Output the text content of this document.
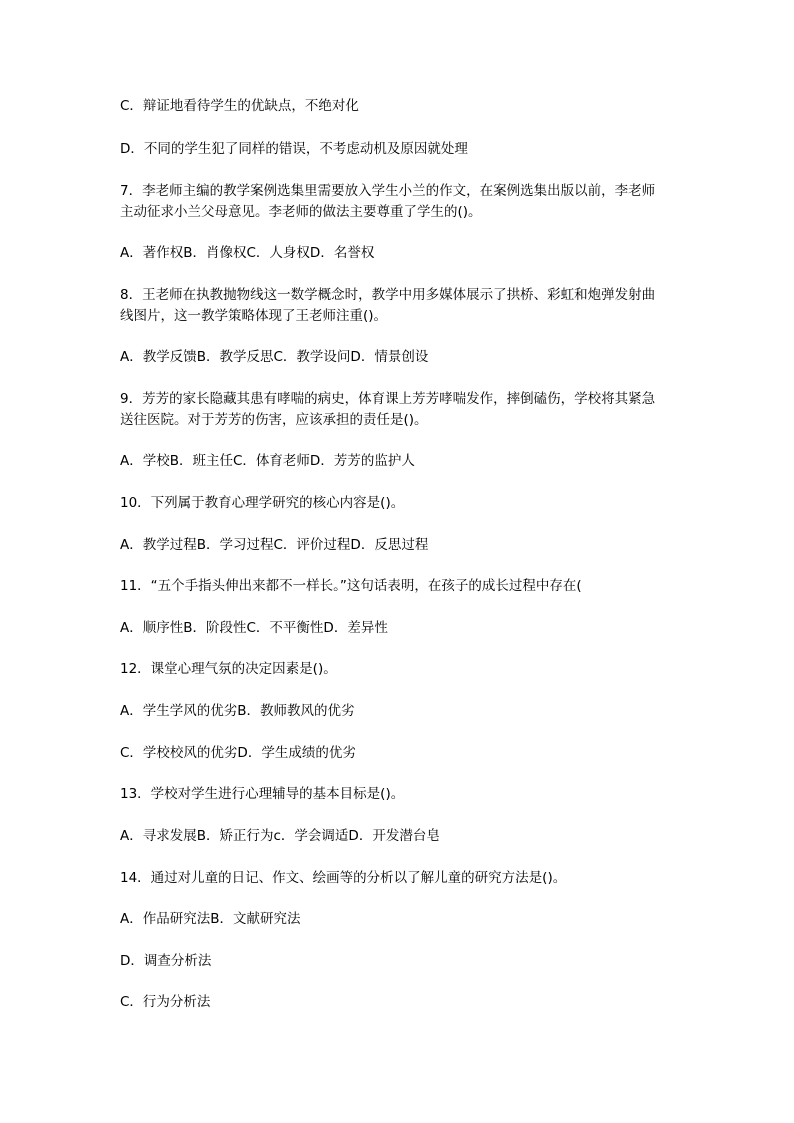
C．辩证地看待学生的优缺点，不绝对化
D．不同的学生犯了同样的错误，不考虑动机及原因就处理
7．李老师主编的教学案例选集里需要放入学生小兰的作文，在案例选集出版以前，李老师
主动征求小兰父母意见。李老师的做法主要尊重了学生的()。
A．著作权B．肖像权C．人身权D．名誉权
8．王老师在执教抛物线这一数学概念时，教学中用多媒体展示了拱桥、彩虹和炮弹发射曲
线图片，这一教学策略体现了王老师注重()。
A．教学反馈B．教学反思C．教学设问D．情景创设
9．芳芳的家长隐藏其患有哮喘的病史，体育课上芳芳哮喘发作，摔倒磕伤，学校将其紧急
送往医院。对于芳芳的伤害，应该承担的责任是()。
A．学校B．班主任C．体育老师D．芳芳的监护人
10．下列属于教育心理学研究的核心内容是()。
A．教学过程B．学习过程C．评价过程D．反思过程
11．“五个手指头伸出来都不一样长。”这句话表明，在孩子的成长过程中存在(
A．顺序性B．阶段性C．不平衡性D．差异性
12．课堂心理气氛的决定因素是()。
A．学生学风的优劣B．教师教风的优劣
C．学校校风的优劣D．学生成绩的优劣
13．学校对学生进行心理辅导的基本目标是()。
A．寻求发展B．矫正行为c．学会调适D．开发潜台皂
14．通过对儿童的日记、作文、绘画等的分析以了解儿童的研究方法是()。
A．作品研究法B．文献研究法
D．调查分析法
C．行为分析法
